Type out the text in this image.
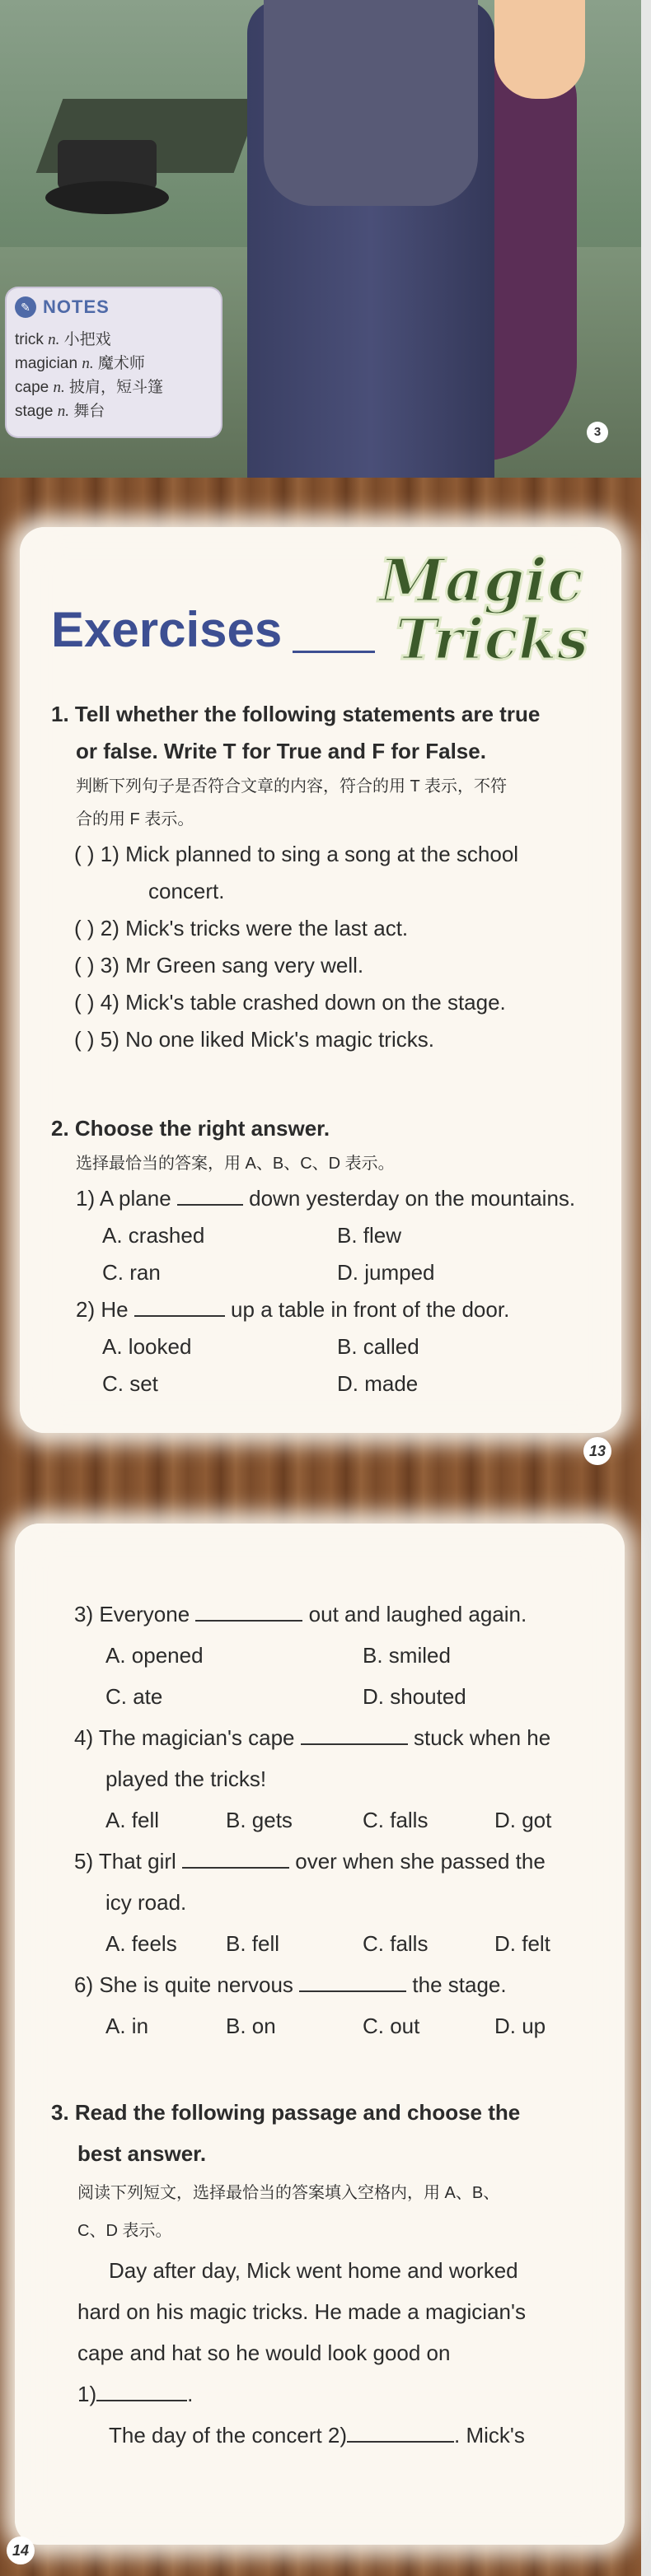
✎ NOTES
trick n. 小把戏
magician n. 魔术师
cape n. 披肩，短斗篷
stage n. 舞台
3
Exercises
Magic
Tricks
1. Tell whether the following statements are true
or false. Write T for True and F for False.
判断下列句子是否符合文章的内容，符合的用 T 表示，不符
合的用 F 表示。
( ) 1) Mick planned to sing a song at the school
concert.
( ) 2) Mick's tricks were the last act.
( ) 3) Mr Green sang very well.
( ) 4) Mick's table crashed down on the stage.
( ) 5) No one liked Mick's magic tricks.
2. Choose the right answer.
选择最恰当的答案，用 A、B、C、D 表示。
1) A plane	down yesterday on the mountains.
A. crashed	B. flew
C. ran	D. jumped
2) He	up a table in front of the door.
A. looked	B. called
C. set	D. made
13
3) Everyone	out and laughed again.
A. opened	B. smiled
C. ate	D. shouted
4) The magician's cape	stuck when he
played the tricks!
A. fell	B. gets	C. falls	D. got
5) That girl	over when she passed the
icy road.
A. feels	B. fell	C. falls	D. felt
6) She is quite nervous	the stage.
A. in	B. on	C. out	D. up
3. Read the following passage and choose the
best answer.
阅读下列短文，选择最恰当的答案填入空格内，用 A、B、
C、D 表示。
Day after day, Mick went home and worked
hard on his magic tricks. He made a magician's
cape and hat so he would look good on
1)	.
The day of the concert 2)	. Mick's
14
